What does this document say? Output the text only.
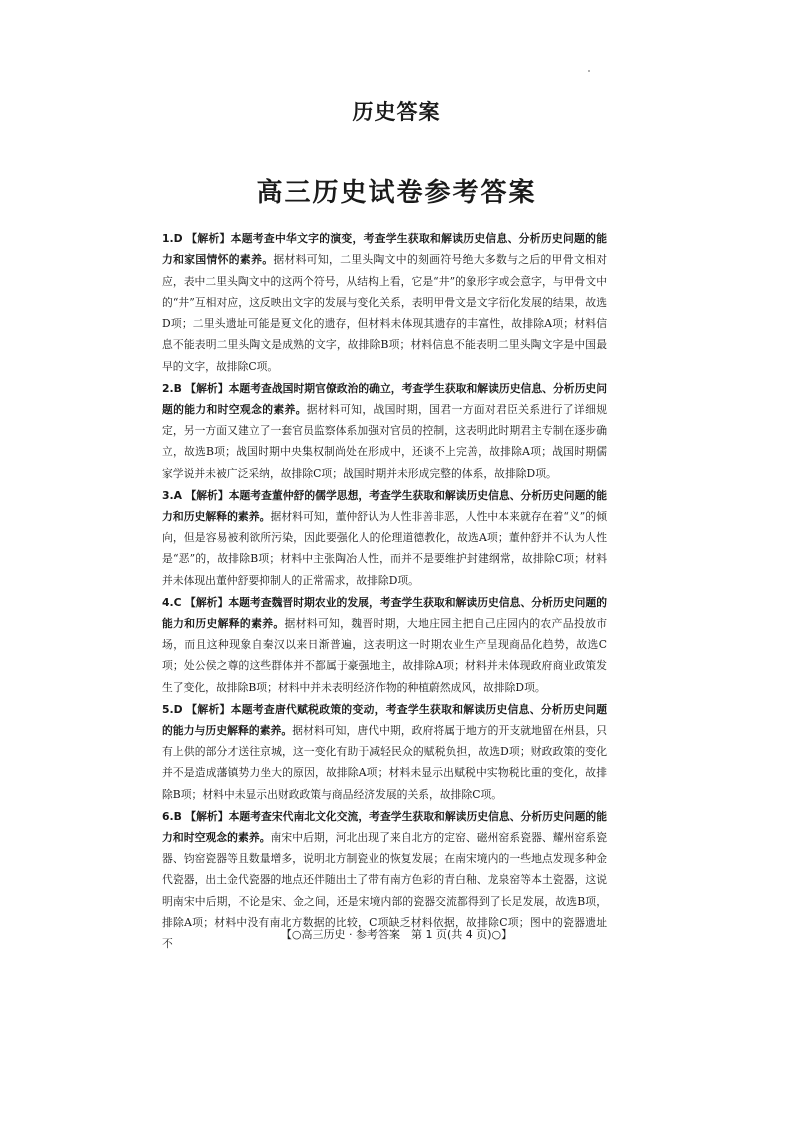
历史答案
高三历史试卷参考答案
1.D 【解析】本题考查中华文字的演变，考查学生获取和解读历史信息、分析历史问题的能力和家国情怀的素养。据材料可知，二里头陶文中的刻画符号绝大多数与之后的甲骨文相对应，表中二里头陶文中的这两个符号，从结构上看，它是“井”的象形字或会意字，与甲骨文中的“井”互相对应，这反映出文字的发展与变化关系，表明甲骨文是文字衍化发展的结果，故选D项；二里头遗址可能是夏文化的遗存，但材料未体现其遗存的丰富性，故排除A项；材料信息不能表明二里头陶文是成熟的文字，故排除B项；材料信息不能表明二里头陶文字是中国最早的文字，故排除C项。
2.B 【解析】本题考查战国时期官僚政治的确立，考查学生获取和解读历史信息、分析历史问题的能力和时空观念的素养。据材料可知，战国时期，国君一方面对君臣关系进行了详细规定，另一方面又建立了一套官员监察体系加强对官员的控制，这表明此时期君主专制在逐步确立，故选B项；战国时期中央集权制尚处在形成中，还谈不上完善，故排除A项；战国时期儒家学说并未被广泛采纳，故排除C项；战国时期并未形成完整的体系，故排除D项。
3.A 【解析】本题考查董仲舒的儒学思想，考查学生获取和解读历史信息、分析历史问题的能力和历史解释的素养。据材料可知，董仲舒认为人性非善非恶，人性中本来就存在着“义”的倾向，但是容易被利欲所污染，因此要强化人的伦理道德教化，故选A项；董仲舒并不认为人性是“恶”的，故排除B项；材料中主张陶冶人性，而并不是要维护封建纲常，故排除C项；材料并未体现出董仲舒要抑制人的正常需求，故排除D项。
4.C 【解析】本题考查魏晋时期农业的发展，考查学生获取和解读历史信息、分析历史问题的能力和历史解释的素养。据材料可知，魏晋时期，大地庄园主把自己庄园内的农产品投放市场，而且这种现象自秦汉以来日渐普遍，这表明这一时期农业生产呈现商品化趋势，故选C项；处公侯之尊的这些群体并不都属于豪强地主，故排除A项；材料并未体现政府商业政策发生了变化，故排除B项；材料中并未表明经济作物的种植蔚然成风，故排除D项。
5.D 【解析】本题考查唐代赋税政策的变动，考查学生获取和解读历史信息、分析历史问题的能力与历史解释的素养。据材料可知，唐代中期，政府将属于地方的开支就地留在州县，只有上供的部分才送往京城，这一变化有助于减轻民众的赋税负担，故选D项；财政政策的变化并不是造成藩镇势力坐大的原因，故排除A项；材料未显示出赋税中实物税比重的变化，故排除B项；材料中未显示出财政政策与商品经济发展的关系，故排除C项。
6.B 【解析】本题考查宋代南北文化交流，考查学生获取和解读历史信息、分析历史问题的能力和时空观念的素养。南宋中后期，河北出现了来自北方的定窑、磁州窑系瓷器、耀州窑系瓷器、钧窑瓷器等且数量增多，说明北方制瓷业的恢复发展；在南宋境内的一些地点发现多种金代瓷器，出土金代瓷器的地点还伴随出土了带有南方色彩的青白釉、龙泉窑等本土瓷器，这说明南宋中后期，不论是宋、金之间，还是宋境内部的瓷器交流都得到了长足发展，故选B项，排除A项；材料中没有南北方数据的比较，C项缺乏材料依据，故排除C项；图中的瓷器遗址不
【○高三历史 · 参考答案　第 1 页(共 4 页)○】
